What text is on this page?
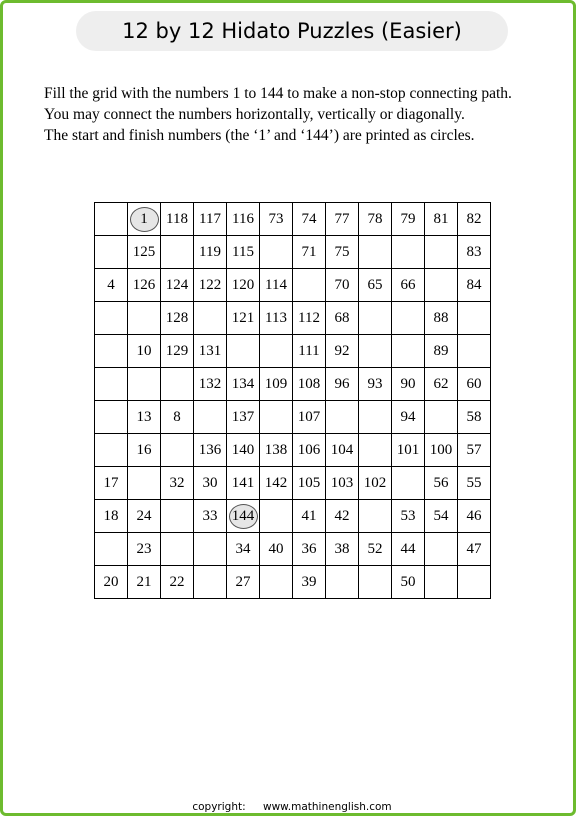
12 by 12 Hidato Puzzles (Easier)
Fill the grid with the numbers 1 to 144 to make a non-stop connecting path.
You may connect the numbers horizontally, vertically or diagonally.
The start and finish numbers (the ‘1’ and ‘144’) are printed as circles.
	1	118	117	116	73	74	77	78	79	81	82
	125		119	115		71	75				83
4	126	124	122	120	114		70	65	66		84
		128		121	113	112	68			88	
	10	129	131			111	92			89	
			132	134	109	108	96	93	90	62	60
	13	8		137		107			94		58
	16		136	140	138	106	104		101	100	57
17		32	30	141	142	105	103	102		56	55
18	24		33	144		41	42		53	54	46
	23			34	40	36	38	52	44		47
20	21	22		27		39			50		
copyright: www.mathinenglish.com
